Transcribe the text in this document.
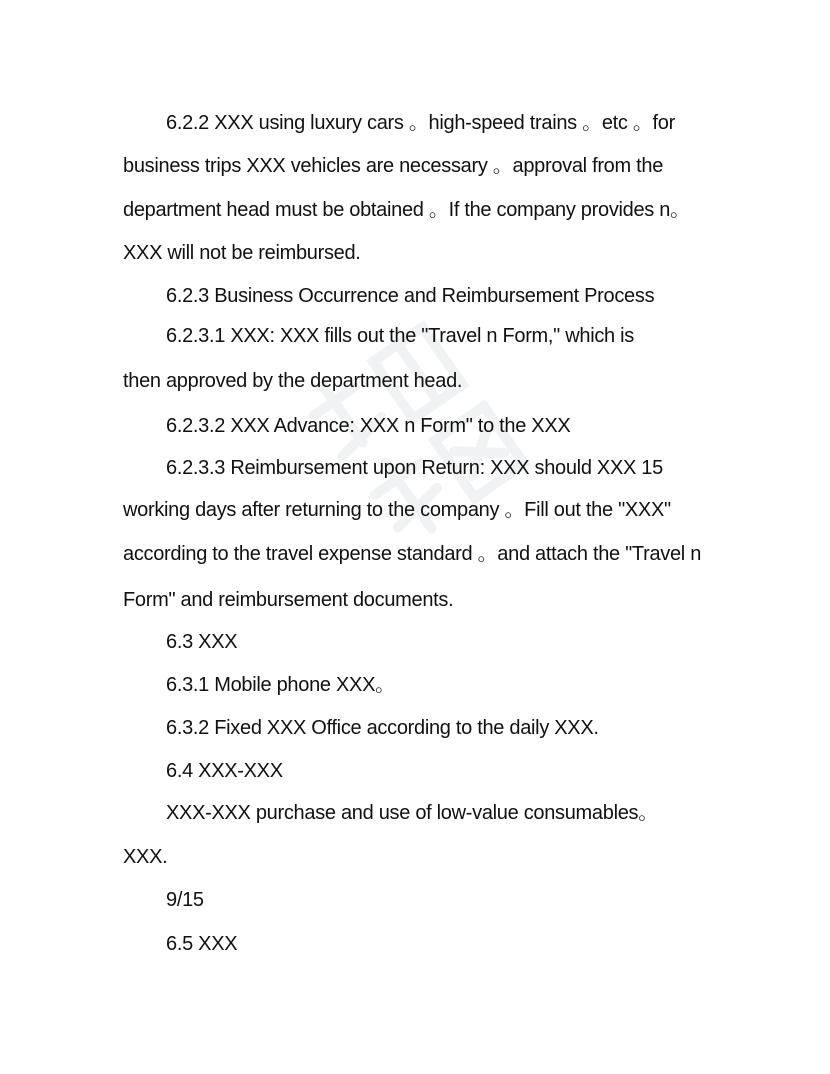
6.2.2 XXX using luxury cars 。high-speed trains 。etc 。for
business trips XXX vehicles are necessary 。approval from the
department head must be obtained 。If the company provides n。
XXX will not be reimbursed.
6.2.3 Business Occurrence and Reimbursement Process
6.2.3.1 XXX: XXX fills out the "Travel n Form," which is
then approved by the department head.
6.2.3.2 XXX Advance: XXX n Form" to the XXX
6.2.3.3 Reimbursement upon Return: XXX should XXX 15
working days after returning to the company 。Fill out the "XXX"
according to the travel expense standard 。and attach the "Travel n
Form" and reimbursement documents.
6.3 XXX
6.3.1 Mobile phone XXX。
6.3.2 Fixed XXX Office according to the daily XXX.
6.4 XXX-XXX
XXX-XXX purchase and use of low-value consumables。
XXX.
9/15
6.5 XXX
